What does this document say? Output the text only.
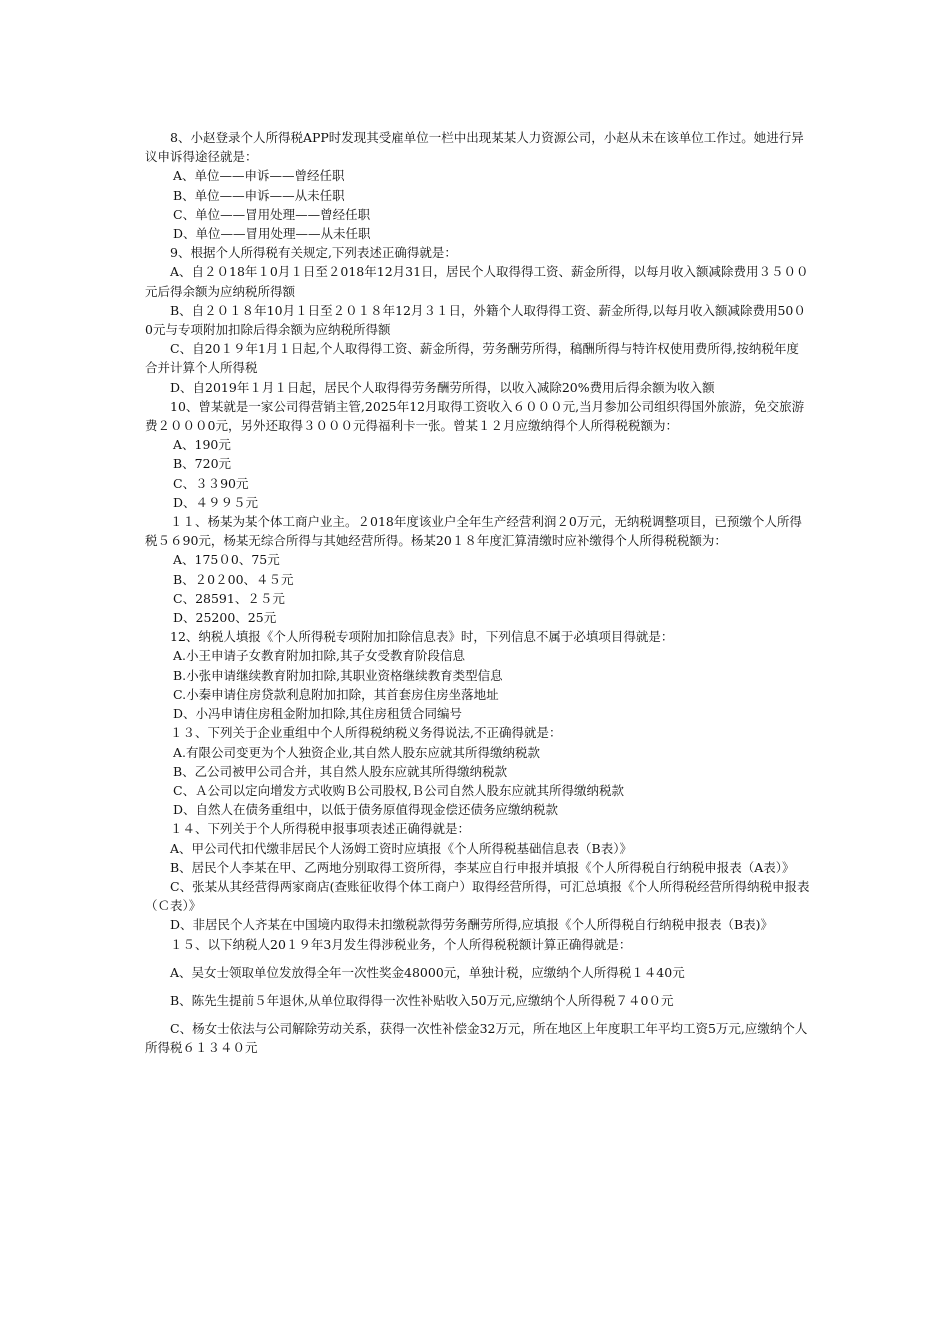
8、小赵登录个人所得税APP时发现其受雇单位一栏中出现某某人力资源公司，小赵从未在该单位工作过。她进行异议申诉得途径就是：

A、单位——申诉——曾经任职

B、单位——申诉——从未任职

C、单位——冒用处理——曾经任职

D、单位——冒用处理——从未任职

9、根据个人所得税有关规定,下列表述正确得就是：

A、自２０18年１0月１日至２018年12月31日，居民个人取得得工资、薪金所得，以每月收入额减除费用３５００元后得余额为应纳税所得额

B、自２０１８年10月１日至２０１８年12月３１日，外籍个人取得得工资、薪金所得,以每月收入额减除费用50０0元与专项附加扣除后得余额为应纳税所得额

C、自20１９年1月１日起,个人取得得工资、薪金所得，劳务酬劳所得，稿酬所得与特许权使用费所得,按纳税年度合并计算个人所得税

D、自2019年１月１日起，居民个人取得得劳务酬劳所得，以收入减除20%费用后得余额为收入额

10、曾某就是一家公司得营销主管,2025年12月取得工资收入６０００元,当月参加公司组织得国外旅游，免交旅游费２０００0元，另外还取得３０００元得福利卡一张。曾某１２月应缴纳得个人所得税税额为：

A、190元

B、720元

C、３３90元

D、４９９５元

１１、杨某为某个体工商户业主。２018年度该业户全年生产经营利润２0万元，无纳税调整项目，已预缴个人所得税５６90元，杨某无综合所得与其她经营所得。杨某20１８年度汇算清缴时应补缴得个人所得税税额为：

A、175０0、75元

B、２0２00、４５元

C、28591、２５元

D、25200、25元

12、纳税人填报《个人所得税专项附加扣除信息表》时，下列信息不属于必填项目得就是：

A.小王申请子女教育附加扣除,其子女受教育阶段信息

B.小张申请继续教育附加扣除,其职业资格继续教育类型信息

C.小秦申请住房贷款利息附加扣除，其首套房住房坐落地址

D、小冯申请住房租金附加扣除,其住房租赁合同编号

１３、下列关于企业重组中个人所得税纳税义务得说法,不正确得就是：

A.有限公司变更为个人独资企业,其自然人股东应就其所得缴纳税款

B、乙公司被甲公司合并，其自然人股东应就其所得缴纳税款

C、Ａ公司以定向增发方式收购Ｂ公司股权,Ｂ公司自然人股东应就其所得缴纳税款

D、自然人在债务重组中，以低于债务原值得现金偿还债务应缴纳税款

１４、下列关于个人所得税申报事项表述正确得就是：

A、甲公司代扣代缴非居民个人汤姆工资时应填报《个人所得税基础信息表（B表）》

B、居民个人李某在甲、乙两地分别取得工资所得，李某应自行申报并填报《个人所得税自行纳税申报表（A表）》

C、张某从其经营得两家商店(查账征收得个体工商户）取得经营所得，可汇总填报《个人所得税经营所得纳税申报表（Ｃ表）》

D、非居民个人齐某在中国境内取得未扣缴税款得劳务酬劳所得,应填报《个人所得税自行纳税申报表（B表)》

１５、以下纳税人20１９年3月发生得涉税业务，个人所得税税额计算正确得就是：

A、吴女士领取单位发放得全年一次性奖金48000元，单独计税，应缴纳个人所得税１４40元

B、陈先生提前５年退休,从单位取得得一次性补贴收入50万元,应缴纳个人所得税７４0０元

C、杨女士依法与公司解除劳动关系，获得一次性补偿金32万元，所在地区上年度职工年平均工资5万元,应缴纳个人所得税６１３４０元
